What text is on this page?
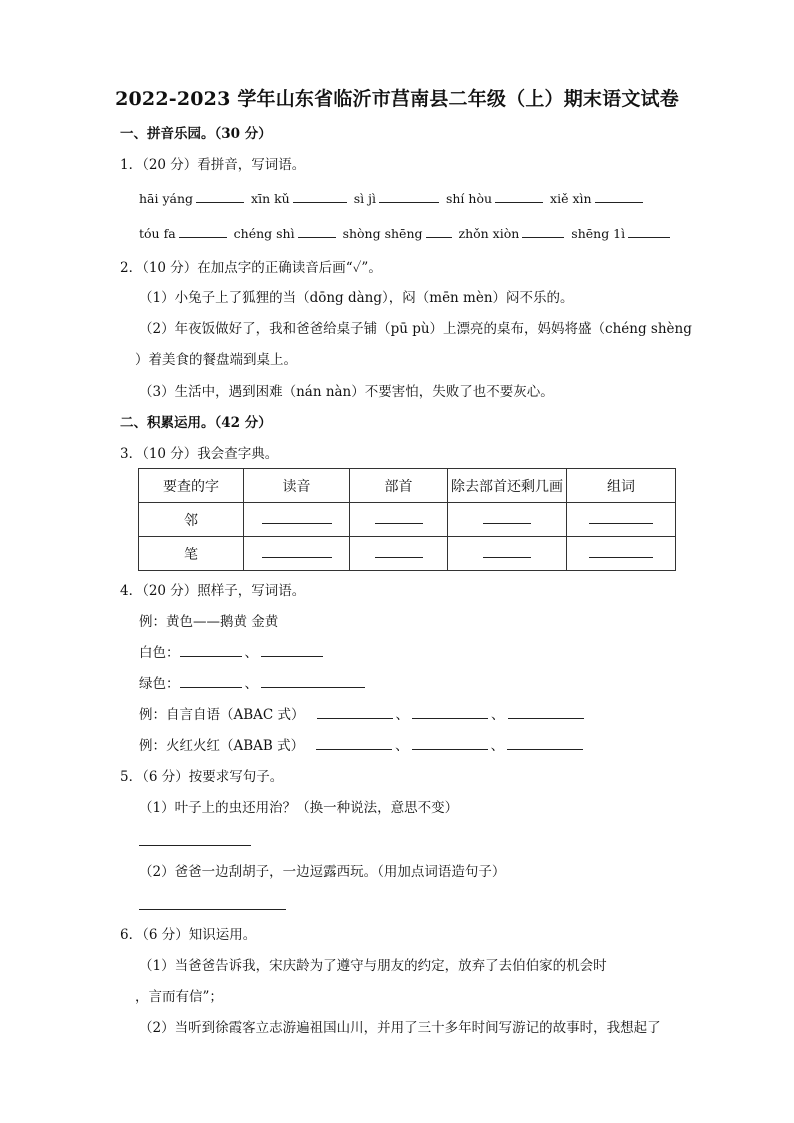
2022-2023 学年山东省临沂市莒南县二年级（上）期末语文试卷
一、拼音乐园。（30 分）
1．（20 分）看拼音，写词语。
hāi yáng	xīn kǔ	sì jì	shí hòu	xiě xìn
tóu fa	chéng shì	shòng shēng	zhǒn xiòn	shēng 1ì
2．（10 分）在加点字的正确读音后画“✓”。
（1）小兔子上了狐狸的当（dōng dàng），闷（mēn mèn）闷不乐的。
（2）年夜饭做好了，我和爸爸给桌子铺（pū pù）上漂亮的桌布，妈妈将盛（chéng shèng
）着美食的餐盘端到桌上。
（3）生活中，遇到困难（nán nàn）不要害怕，失败了也不要灰心。
二、积累运用。（42 分）
3．（10 分）我会查字典。
要查的字	读音	部首	除去部首还剩几画	组词
邻				
笔				
4．（20 分）照样子，写词语。
例：黄色——鹅黄 金黄
白色：	、
绿色：	、
例：自言自语（ABAC 式）	、	、
例：火红火红（ABAB 式）	、	、
5．（6 分）按要求写句子。
（1）叶子上的虫还用治？（换一种说法，意思不变）
（2）爸爸一边刮胡子，一边逗露西玩。（用加点词语造句子）
6．（6 分）知识运用。
（1）当爸爸告诉我，宋庆龄为了遵守与朋友的约定，放弃了去伯伯家的机会时
，言而有信”；
（2）当听到徐霞客立志游遍祖国山川，并用了三十多年时间写游记的故事时，我想起了
